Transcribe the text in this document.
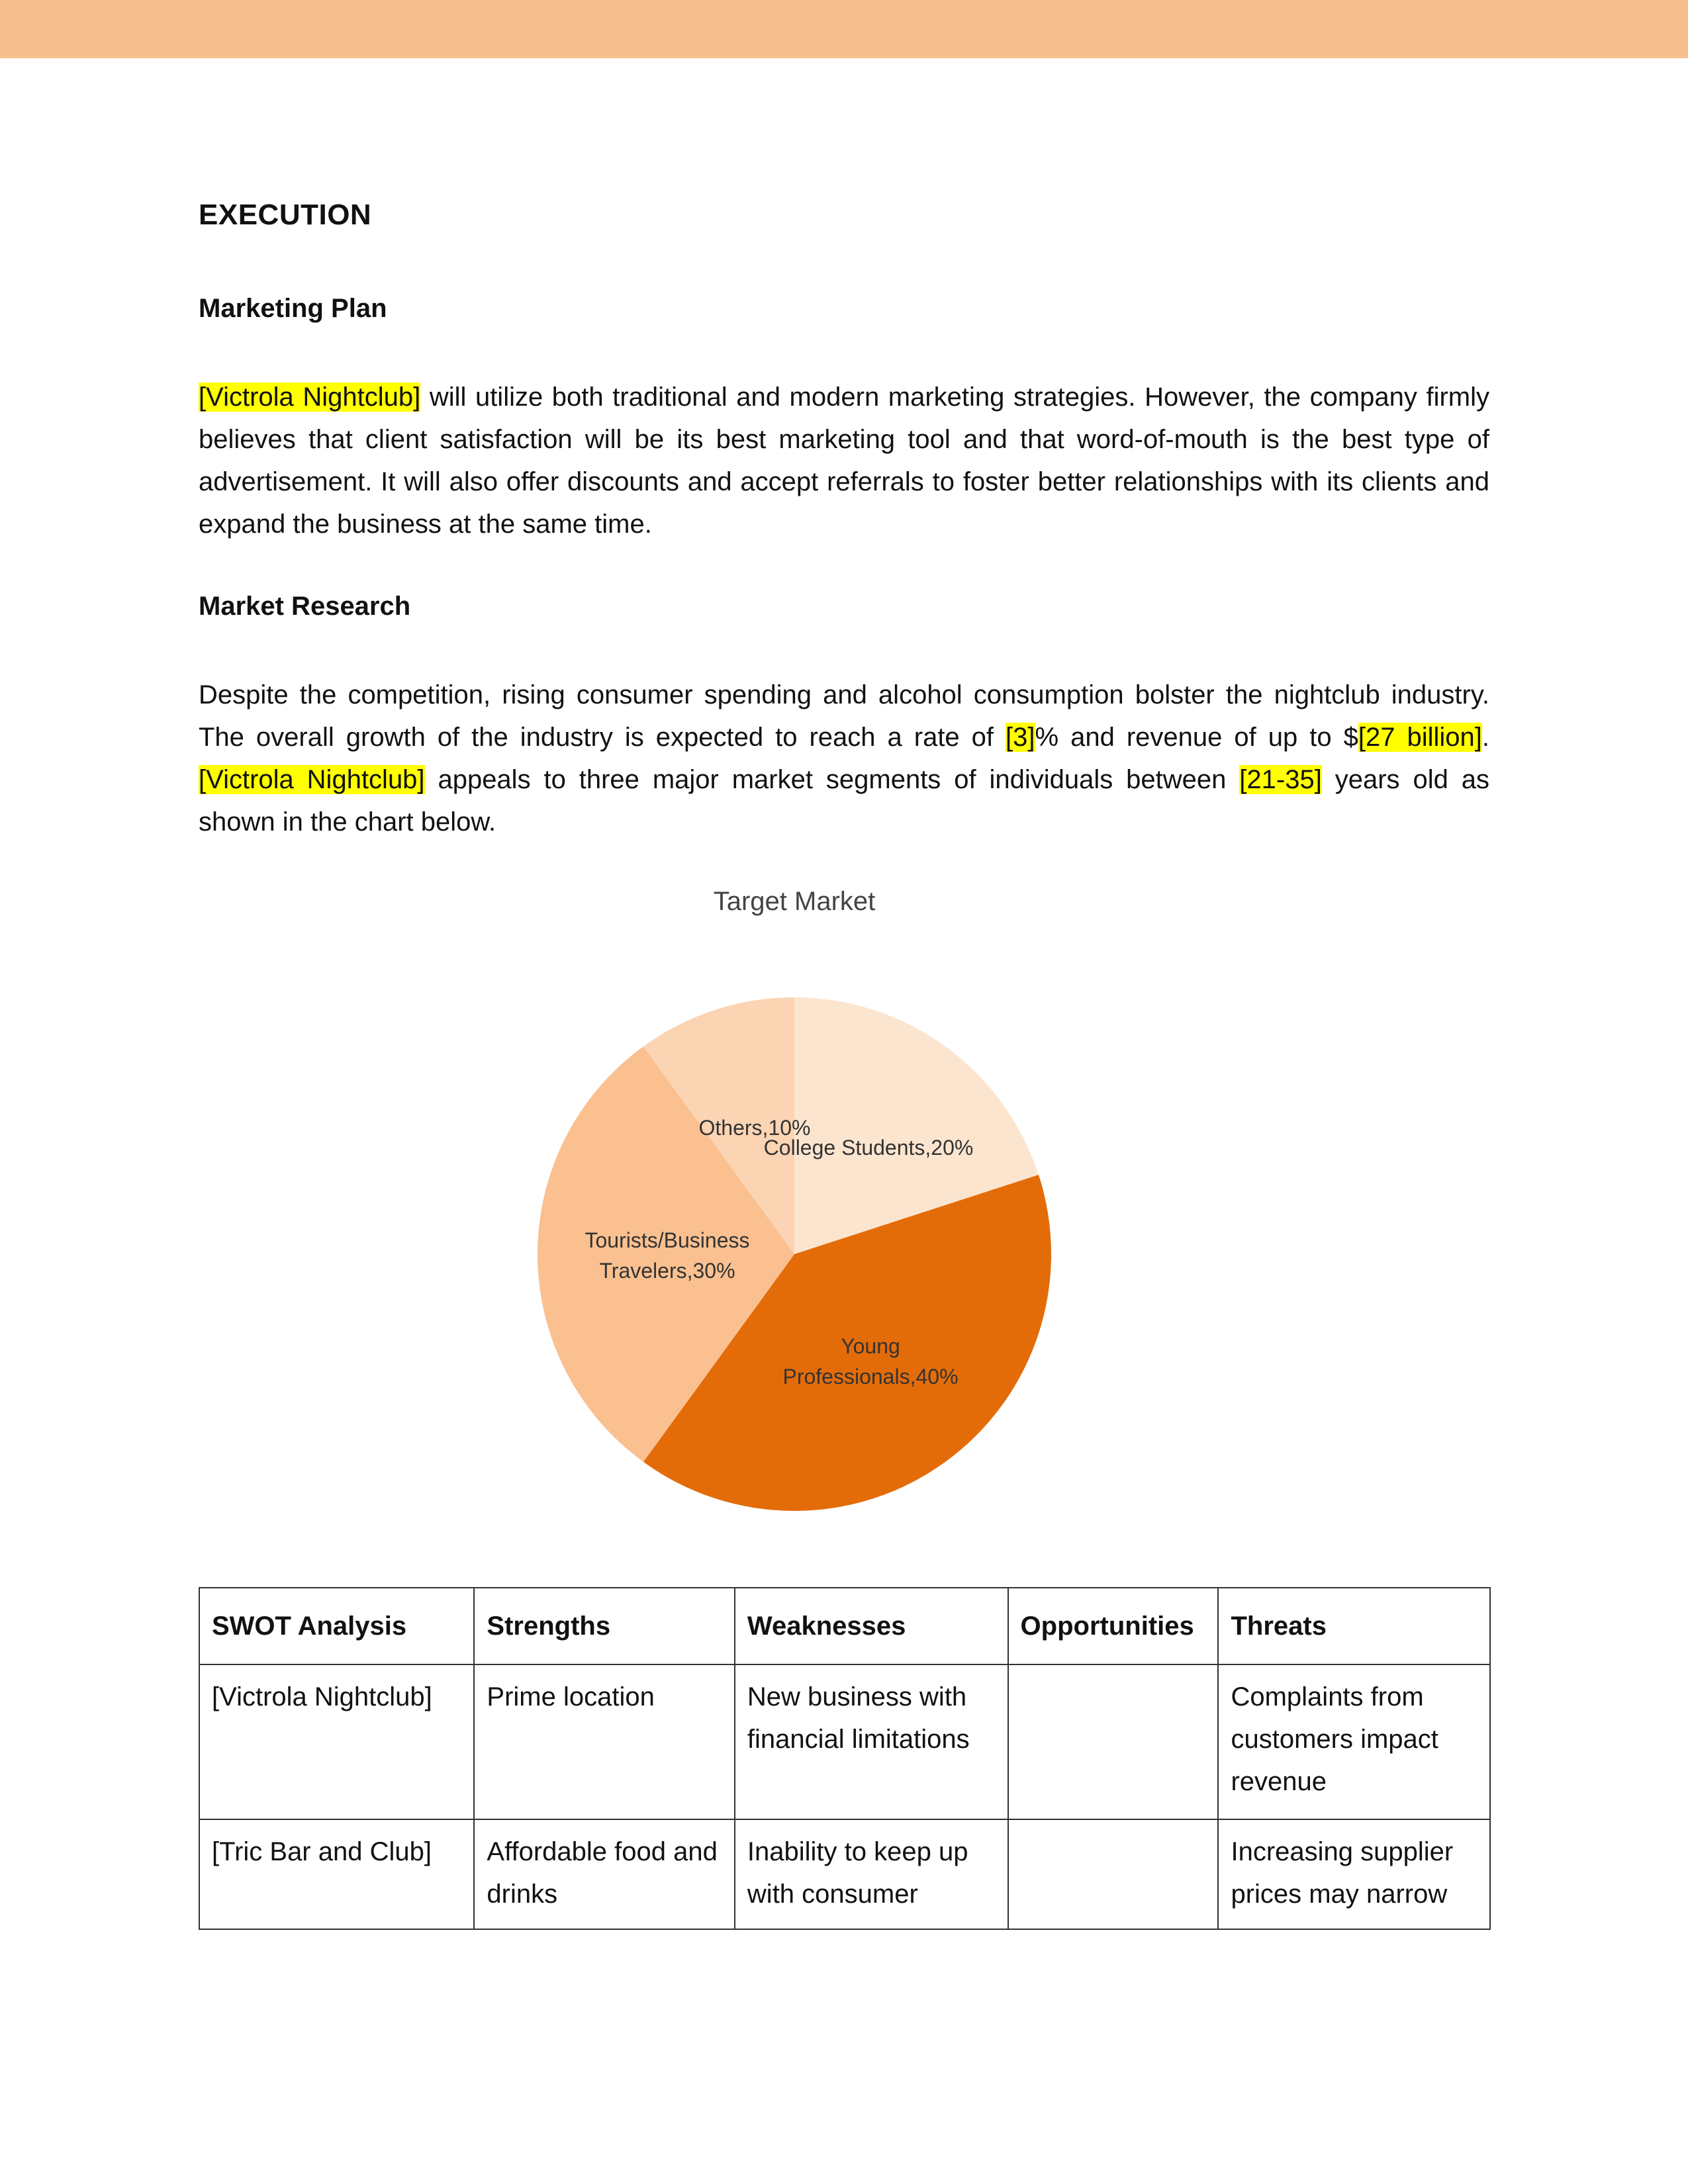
EXECUTION
Marketing Plan

[Victrola Nightclub] will utilize both traditional and modern marketing strategies. However, the company firmly believes that client satisfaction will be its best marketing tool and that word-of-mouth is the best type of advertisement. It will also offer discounts and accept referrals to foster better relationships with its clients and expand the business at the same time.

Market Research

Despite the competition, rising consumer spending and alcohol consumption bolster the nightclub industry. The overall growth of the industry is expected to reach a rate of [3]% and revenue of up to $[27 billion]. [Victrola Nightclub] appeals to three major market segments of individuals between [21-35] years old as shown in the chart below.

Target Market
College Students,20%
Young Professionals,40%
Tourists/Business Travelers,30%
Others,10%
SWOT Analysis	Strengths	Weaknesses	Opportunities	Threats
[Victrola Nightclub]	Prime location	New business with financial limitations		Complaints from customers impact revenue
[Tric Bar and Club]	Affordable food and drinks	Inability to keep up with consumer		Increasing supplier prices may narrow
